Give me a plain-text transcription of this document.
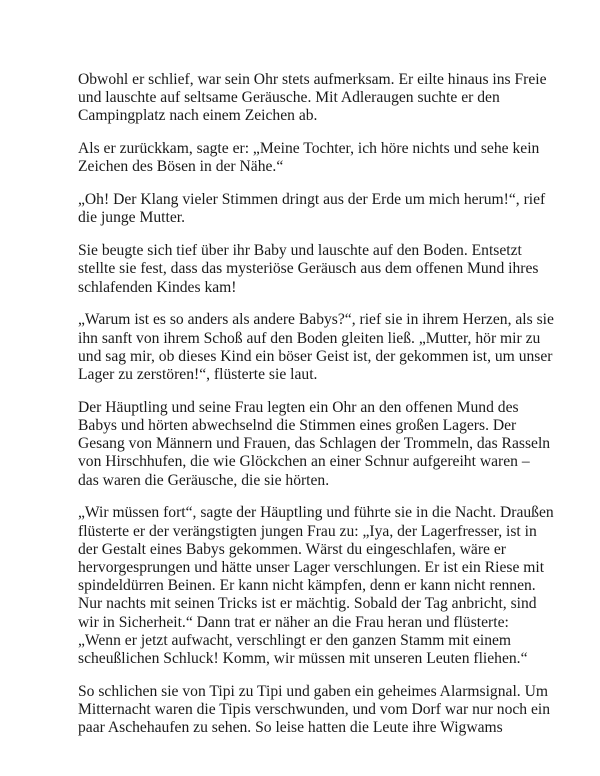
Obwohl er schlief, war sein Ohr stets aufmerksam. Er eilte hinaus ins Freie
und lauschte auf seltsame Geräusche. Mit Adleraugen suchte er den
Campingplatz nach einem Zeichen ab.

Als er zurückkam, sagte er: „Meine Tochter, ich höre nichts und sehe kein
Zeichen des Bösen in der Nähe.“

„Oh! Der Klang vieler Stimmen dringt aus der Erde um mich herum!“, rief
die junge Mutter.

Sie beugte sich tief über ihr Baby und lauschte auf den Boden. Entsetzt
stellte sie fest, dass das mysteriöse Geräusch aus dem offenen Mund ihres
schlafenden Kindes kam!

„Warum ist es so anders als andere Babys?“, rief sie in ihrem Herzen, als sie
ihn sanft von ihrem Schoß auf den Boden gleiten ließ. „Mutter, hör mir zu
und sag mir, ob dieses Kind ein böser Geist ist, der gekommen ist, um unser
Lager zu zerstören!“, flüsterte sie laut.

Der Häuptling und seine Frau legten ein Ohr an den offenen Mund des
Babys und hörten abwechselnd die Stimmen eines großen Lagers. Der
Gesang von Männern und Frauen, das Schlagen der Trommeln, das Rasseln
von Hirschhufen, die wie Glöckchen an einer Schnur aufgereiht waren –
das waren die Geräusche, die sie hörten.

„Wir müssen fort“, sagte der Häuptling und führte sie in die Nacht. Draußen
flüsterte er der verängstigten jungen Frau zu: „Iya, der Lagerfresser, ist in
der Gestalt eines Babys gekommen. Wärst du eingeschlafen, wäre er
hervorgesprungen und hätte unser Lager verschlungen. Er ist ein Riese mit
spindeldürren Beinen. Er kann nicht kämpfen, denn er kann nicht rennen.
Nur nachts mit seinen Tricks ist er mächtig. Sobald der Tag anbricht, sind
wir in Sicherheit.“ Dann trat er näher an die Frau heran und flüsterte:
„Wenn er jetzt aufwacht, verschlingt er den ganzen Stamm mit einem
scheußlichen Schluck! Komm, wir müssen mit unseren Leuten fliehen.“

So schlichen sie von Tipi zu Tipi und gaben ein geheimes Alarmsignal. Um
Mitternacht waren die Tipis verschwunden, und vom Dorf war nur noch ein
paar Aschehaufen zu sehen. So leise hatten die Leute ihre Wigwams
